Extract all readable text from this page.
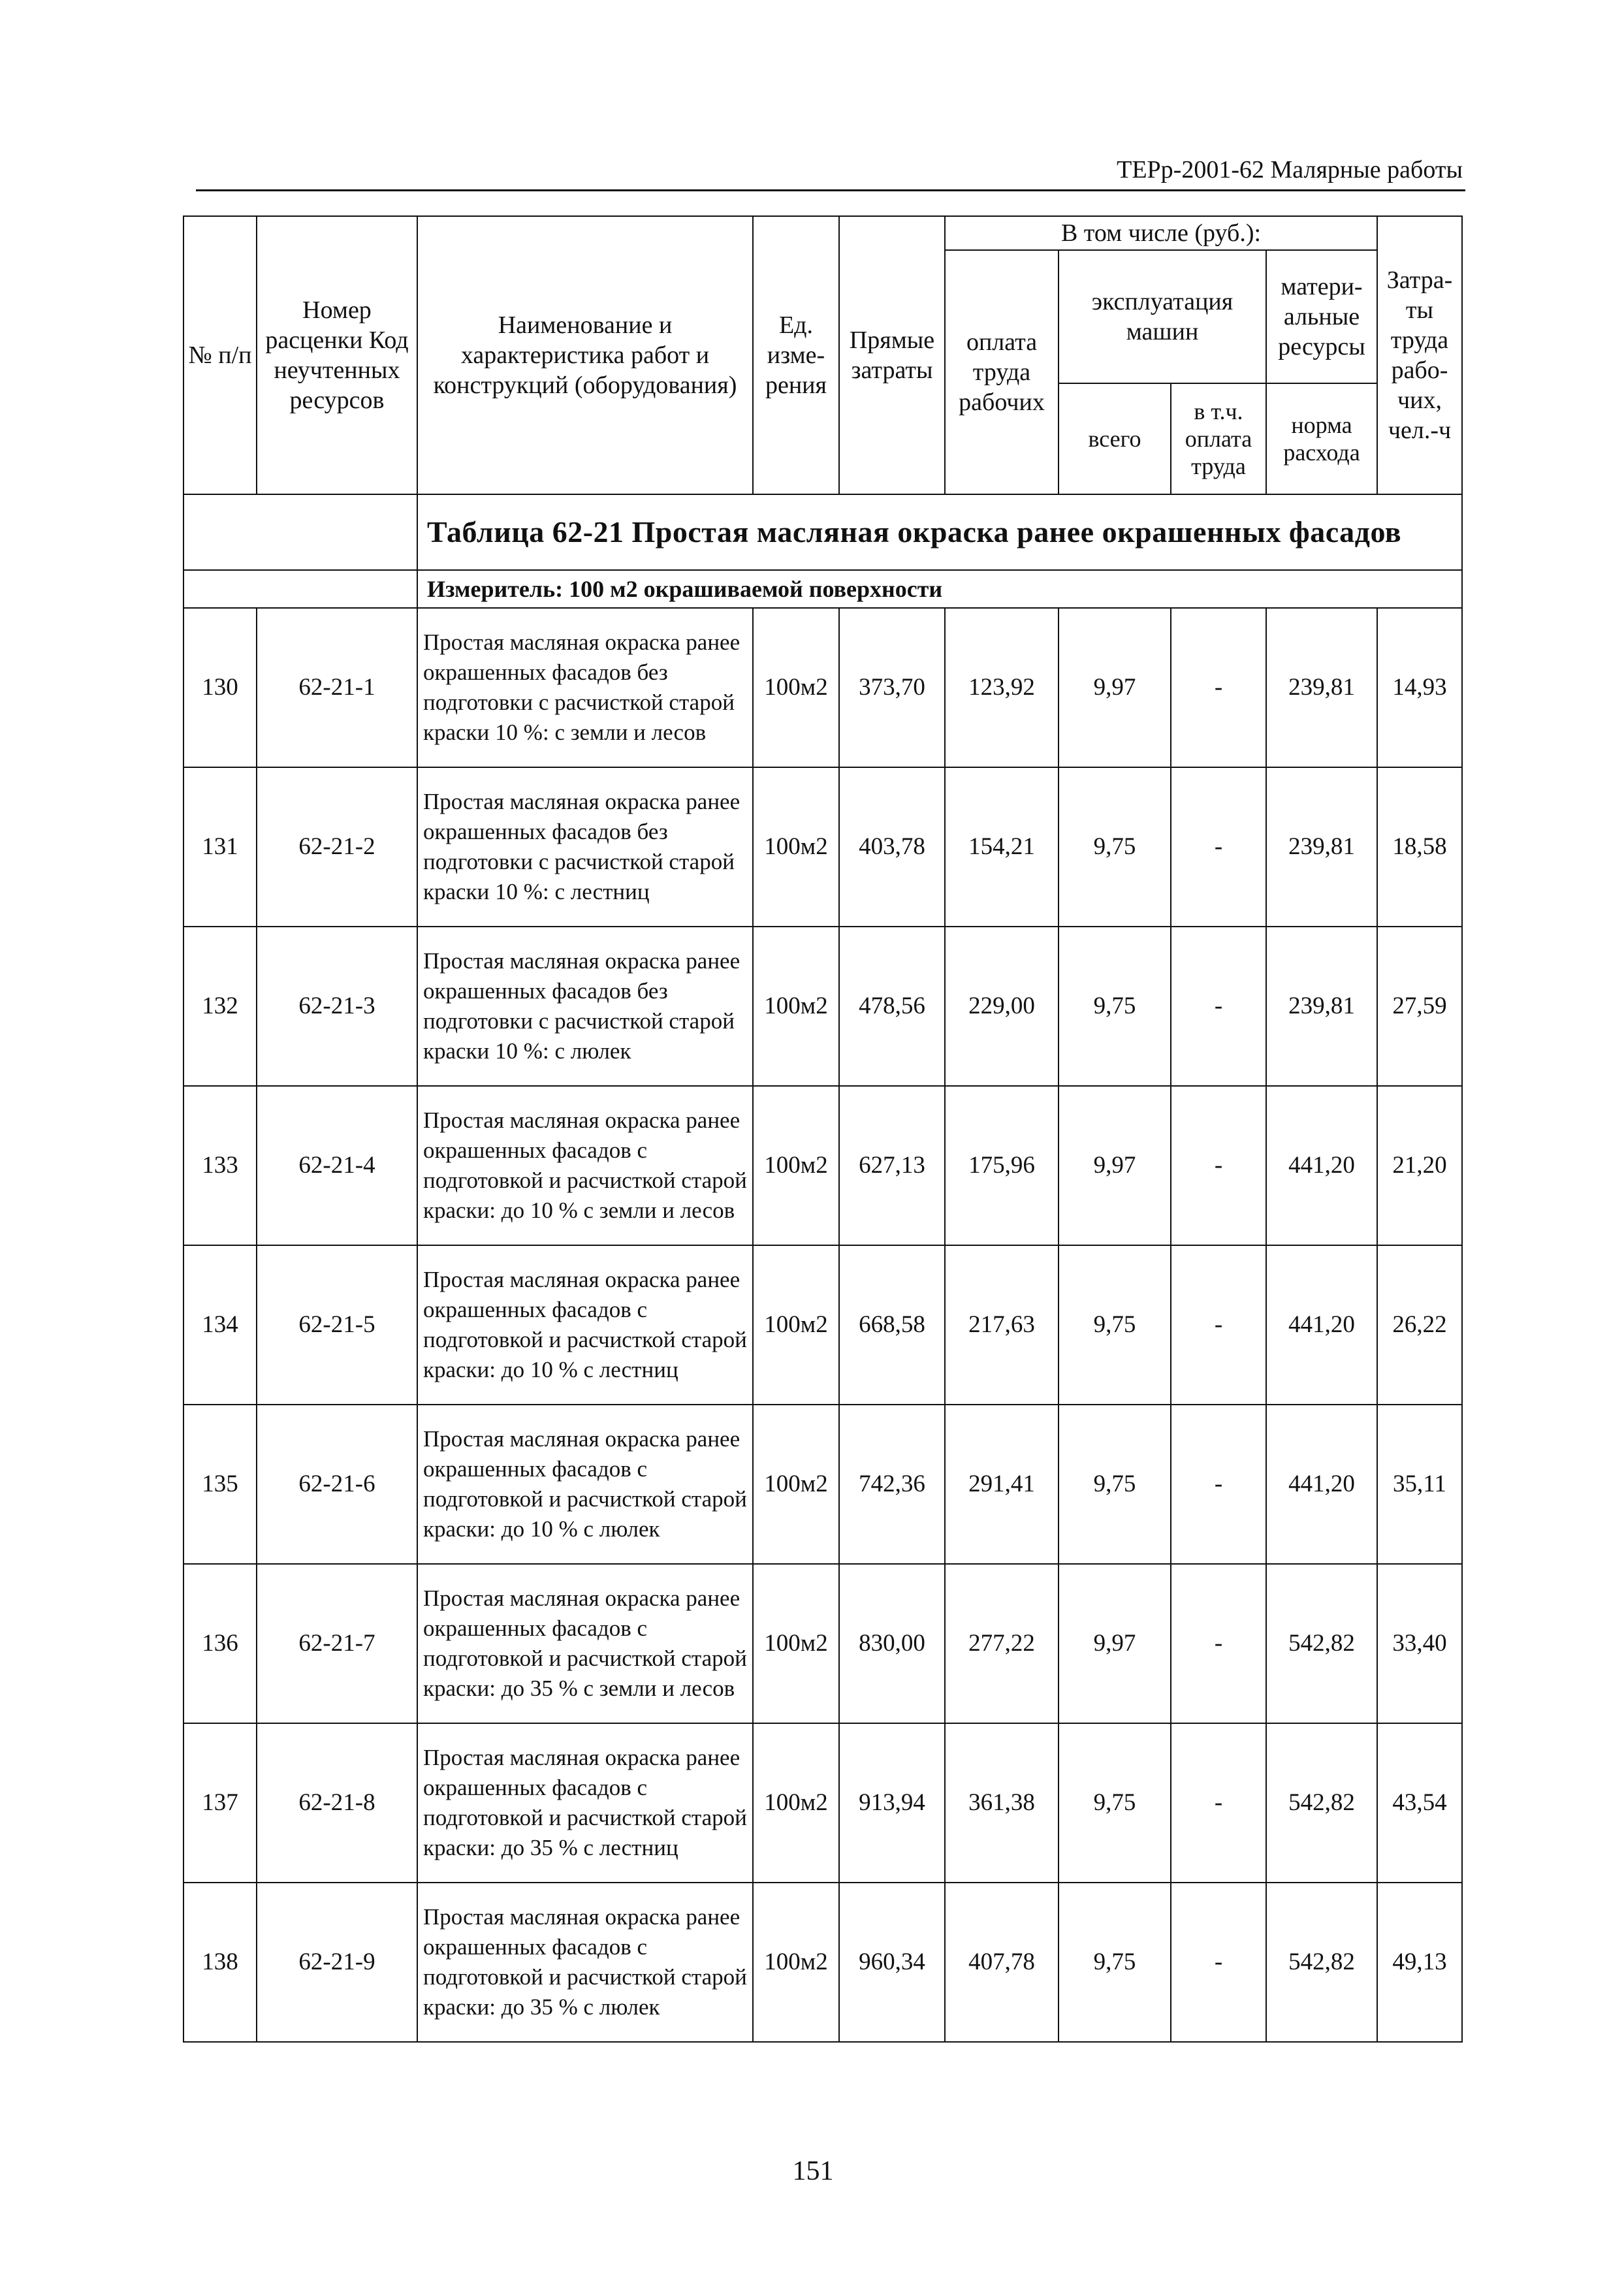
ТЕРр-2001-62 Малярные работы
№ п/п	Номер расценки Код неучтенных ресурсов	Наименование и характеристика работ и конструкций (оборудования)	Ед. изме-рения	Прямые затраты	В том числе (руб.):				Затра-ты труда рабо-чих, чел.-ч
					оплата труда рабочих	эксплуатация машин		матери-альные ресурсы	
						всего	в т.ч. оплата труда	норма расхода	
		Таблица 62-21 Простая масляная окраска ранее окрашенных фасадов							
		Измеритель: 100 м2 окрашиваемой поверхности							
130	62-21-1	Простая масляная окраска ранее окрашенных фасадов без подготовки с расчисткой старой краски 10 %: с земли и лесов	100м2	373,70	123,92	9,97	-	239,81	14,93
131	62-21-2	Простая масляная окраска ранее окрашенных фасадов без подготовки с расчисткой старой краски 10 %: с лестниц	100м2	403,78	154,21	9,75	-	239,81	18,58
132	62-21-3	Простая масляная окраска ранее окрашенных фасадов без подготовки с расчисткой старой краски 10 %: с люлек	100м2	478,56	229,00	9,75	-	239,81	27,59
133	62-21-4	Простая масляная окраска ранее окрашенных фасадов с подготовкой и расчисткой старой краски: до 10 % с земли и лесов	100м2	627,13	175,96	9,97	-	441,20	21,20
134	62-21-5	Простая масляная окраска ранее окрашенных фасадов с подготовкой и расчисткой старой краски: до 10 % с лестниц	100м2	668,58	217,63	9,75	-	441,20	26,22
135	62-21-6	Простая масляная окраска ранее окрашенных фасадов с подготовкой и расчисткой старой краски: до 10 % с люлек	100м2	742,36	291,41	9,75	-	441,20	35,11
136	62-21-7	Простая масляная окраска ранее окрашенных фасадов с подготовкой и расчисткой старой краски: до 35 % с земли и лесов	100м2	830,00	277,22	9,97	-	542,82	33,40
137	62-21-8	Простая масляная окраска ранее окрашенных фасадов с подготовкой и расчисткой старой краски: до 35 % с лестниц	100м2	913,94	361,38	9,75	-	542,82	43,54
138	62-21-9	Простая масляная окраска ранее окрашенных фасадов с подготовкой и расчисткой старой краски: до 35 % с люлек	100м2	960,34	407,78	9,75	-	542,82	49,13
151
